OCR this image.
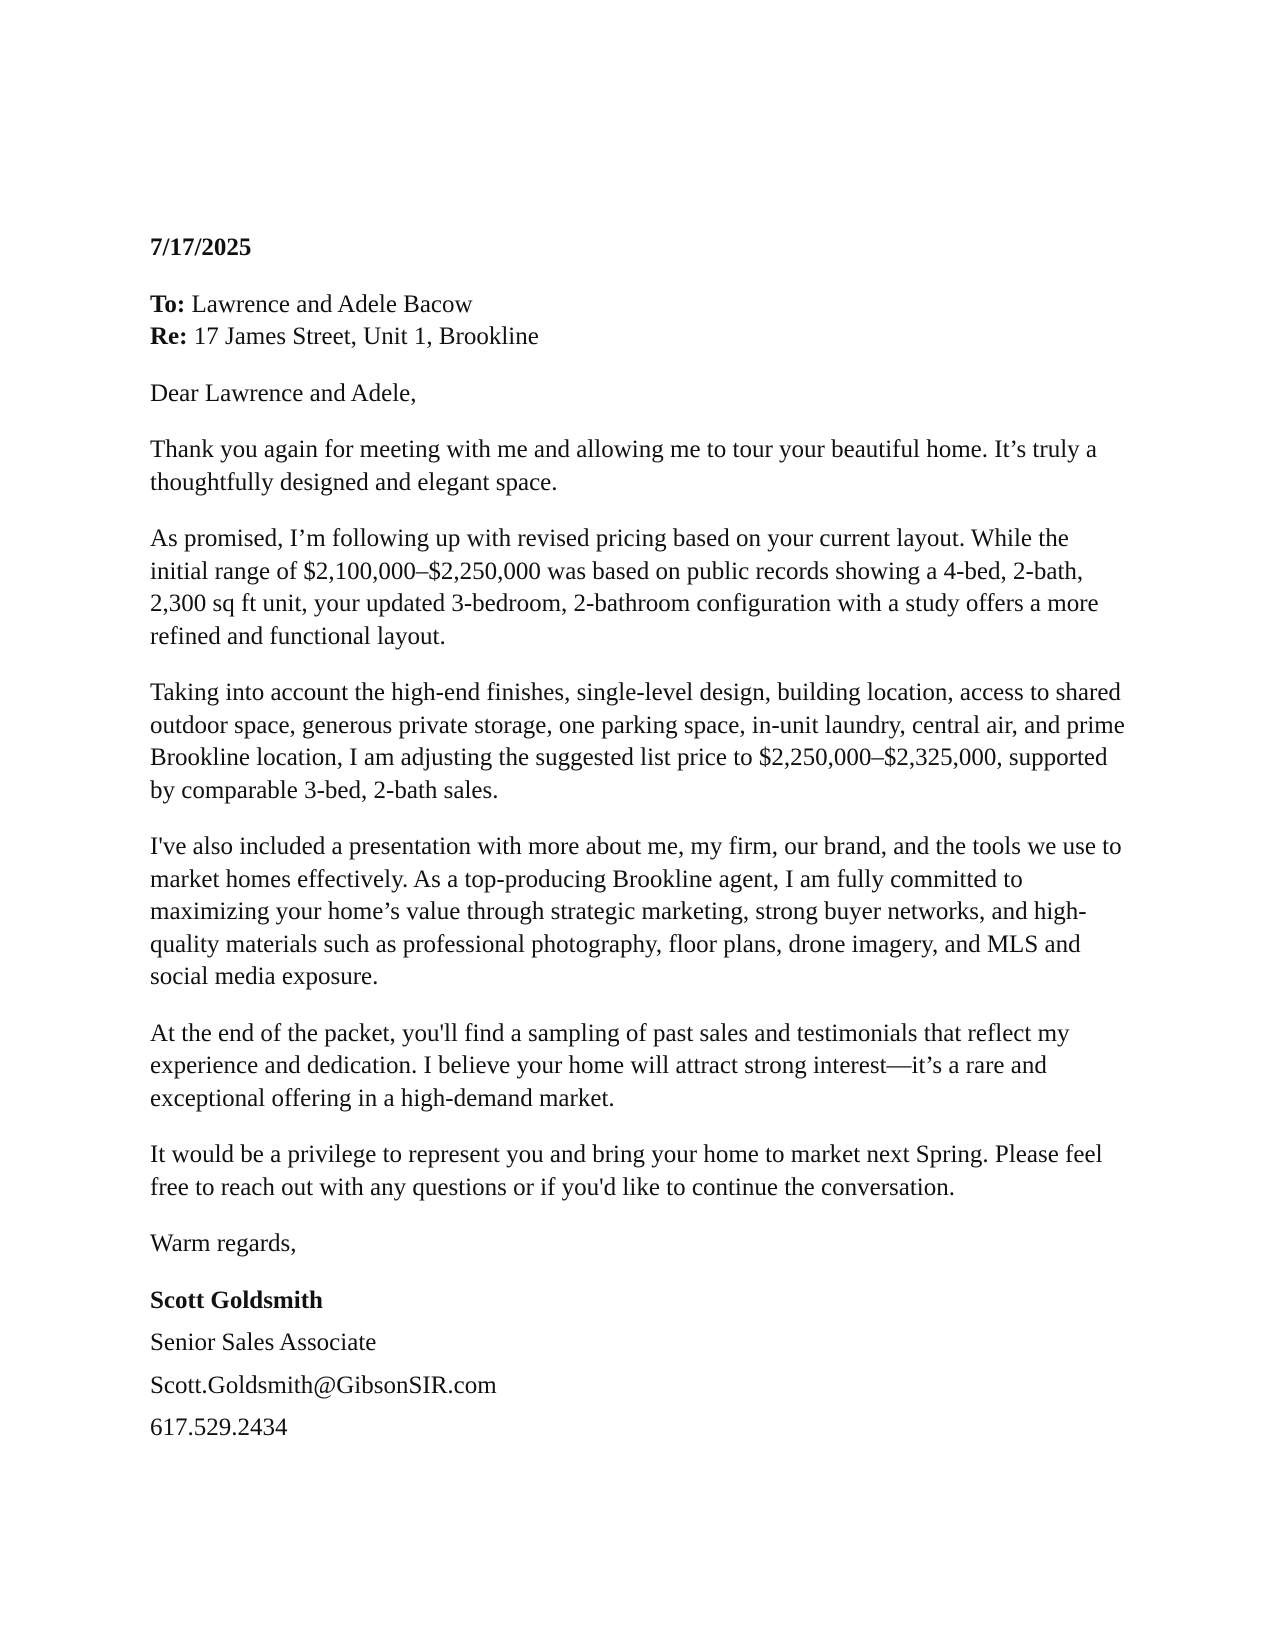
7/17/2025
To: Lawrence and Adele Bacow
Re: 17 James Street, Unit 1, Brookline

Dear Lawrence and Adele,

Thank you again for meeting with me and allowing me to tour your beautiful home. It’s truly a thoughtfully designed and elegant space.

As promised, I’m following up with revised pricing based on your current layout. While the initial range of $2,100,000–$2,250,000 was based on public records showing a 4-bed, 2-bath, 2,300 sq ft unit, your updated 3-bedroom, 2-bathroom configuration with a study offers a more refined and functional layout.

Taking into account the high-end finishes, single-level design, building location, access to shared outdoor space, generous private storage, one parking space, in-unit laundry, central air, and prime Brookline location, I am adjusting the suggested list price to $2,250,000–$2,325,000, supported by comparable 3-bed, 2-bath sales.

I've also included a presentation with more about me, my firm, our brand, and the tools we use to market homes effectively. As a top-producing Brookline agent, I am fully committed to maximizing your home’s value through strategic marketing, strong buyer networks, and high-quality materials such as professional photography, floor plans, drone imagery, and MLS and social media exposure.

At the end of the packet, you'll find a sampling of past sales and testimonials that reflect my experience and dedication. I believe your home will attract strong interest—it’s a rare and exceptional offering in a high-demand market.

It would be a privilege to represent you and bring your home to market next Spring. Please feel free to reach out with any questions or if you'd like to continue the conversation.

Warm regards,

Scott Goldsmith
Senior Sales Associate
Scott.Goldsmith@GibsonSIR.com
617.529.2434
